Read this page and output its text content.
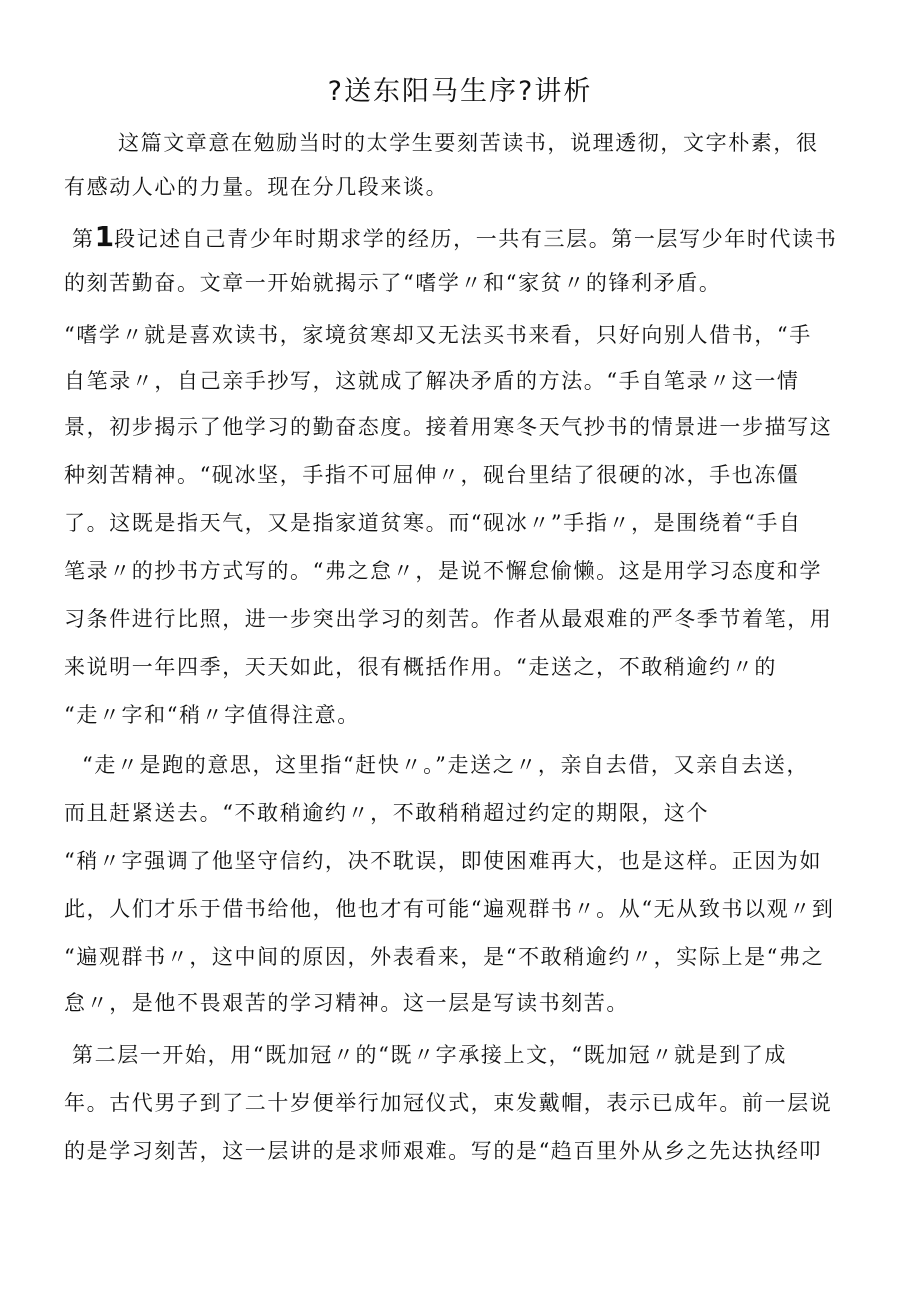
?送东阳马生序?讲析
这篇文章意在勉励当时的太学生要刻苦读书，说理透彻，文字朴素，很
有感动人心的力量。现在分几段来谈。
第1段记述自己青少年时期求学的经历，一共有三层。第一层写少年时代读书
的刻苦勤奋。文章一开始就揭示了“嗜学〃和“家贫〃的锋利矛盾。
“嗜学〃就是喜欢读书，家境贫寒却又无法买书来看，只好向别人借书，“手
自笔录〃，自己亲手抄写，这就成了解决矛盾的方法。“手自笔录〃这一情
景，初步揭示了他学习的勤奋态度。接着用寒冬天气抄书的情景进一步描写这
种刻苦精神。“砚冰坚，手指不可屈伸〃，砚台里结了很硬的冰，手也冻僵
了。这既是指天气，又是指家道贫寒。而“砚冰〃”手指〃，是围绕着“手自
笔录〃的抄书方式写的。“弗之怠〃，是说不懈怠偷懒。这是用学习态度和学
习条件进行比照，进一步突出学习的刻苦。作者从最艰难的严冬季节着笔，用
来说明一年四季，天天如此，很有概括作用。“走送之，不敢稍逾约〃的
“走〃字和“稍〃字值得注意。
“走〃是跑的意思，这里指“赶快〃。”走送之〃，亲自去借，又亲自去送，
而且赶紧送去。“不敢稍逾约〃，不敢稍稍超过约定的期限，这个
“稍〃字强调了他坚守信约，决不耽误，即使困难再大，也是这样。正因为如
此，人们才乐于借书给他，他也才有可能“遍观群书〃。从“无从致书以观〃到
“遍观群书〃，这中间的原因，外表看来，是“不敢稍逾约〃，实际上是“弗之
怠〃，是他不畏艰苦的学习精神。这一层是写读书刻苦。
第二层一开始，用“既加冠〃的“既〃字承接上文，“既加冠〃就是到了成
年。古代男子到了二十岁便举行加冠仪式，束发戴帽，表示已成年。前一层说
的是学习刻苦，这一层讲的是求师艰难。写的是“趋百里外从乡之先达执经叩
